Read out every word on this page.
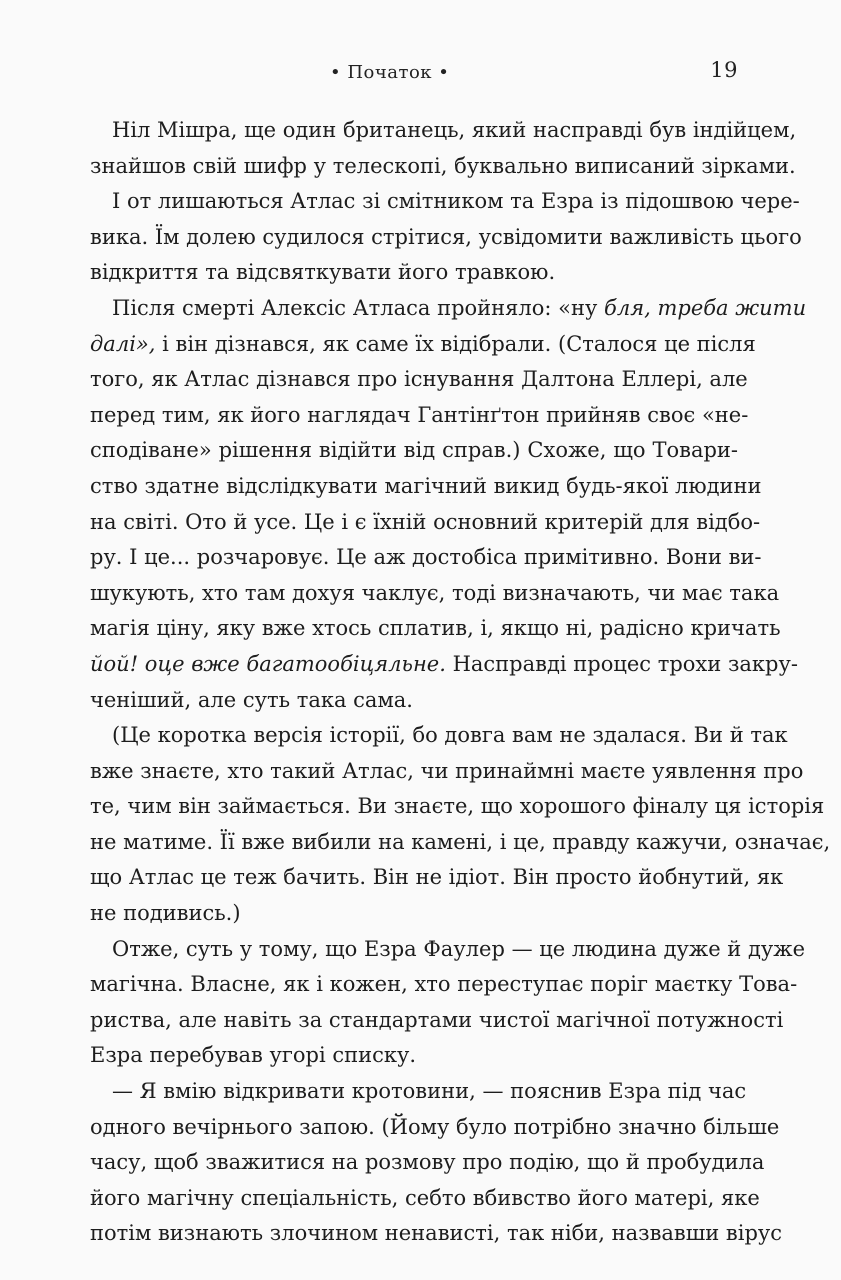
• Початок •	19
Ніл Мішра, ще один британець, який насправді був індійцем,
знайшов свій шифр у телескопі, буквально виписаний зірками.
І от лишаються Атлас зі смітником та Езра із підошвою чере-
вика. Їм долею судилося стрітися, усвідомити важливість цього
відкриття та відсвяткувати його травкою.
Після смерті Алексіс Атласа пройняло: «ну бля, треба жити
далі», і він дізнався, як саме їх відібрали. (Сталося це після
того, як Атлас дізнався про існування Далтона Еллері, але
перед тим, як його наглядач Гантінґтон прийняв своє «не-
сподіване» рішення відійти від справ.) Схоже, що Товари-
ство здатне відслідкувати магічний викид будь-якої людини
на світі. Ото й усе. Це і є їхній основний критерій для відбо-
ру. І це... розчаровує. Це аж достобіса примітивно. Вони ви-
шукують, хто там дохуя чаклує, тоді визначають, чи має така
магія ціну, яку вже хтось сплатив, і, якщо ні, радісно кричать
йой! оце вже багатообіцяльне. Насправді процес трохи закру-
ченіший, але суть така сама.
(Це коротка версія історії, бо довга вам не здалася. Ви й так
вже знаєте, хто такий Атлас, чи принаймні маєте уявлення про
те, чим він займається. Ви знаєте, що хорошого фіналу ця історія
не матиме. Її вже вибили на камені, і це, правду кажучи, означає,
що Атлас це теж бачить. Він не ідіот. Він просто йобнутий, як
не подивись.)
Отже, суть у тому, що Езра Фаулер — це людина дуже й дуже
магічна. Власне, як і кожен, хто переступає поріг маєтку Това-
риства, але навіть за стандартами чистої магічної потужності
Езра перебував угорі списку.
— Я вмію відкривати кротовини, — пояснив Езра під час
одного вечірнього запою. (Йому було потрібно значно більше
часу, щоб зважитися на розмову про подію, що й пробудила
його магічну спеціальність, себто вбивство його матері, яке
потім визнають злочином ненависті, так ніби, назвавши вірус
